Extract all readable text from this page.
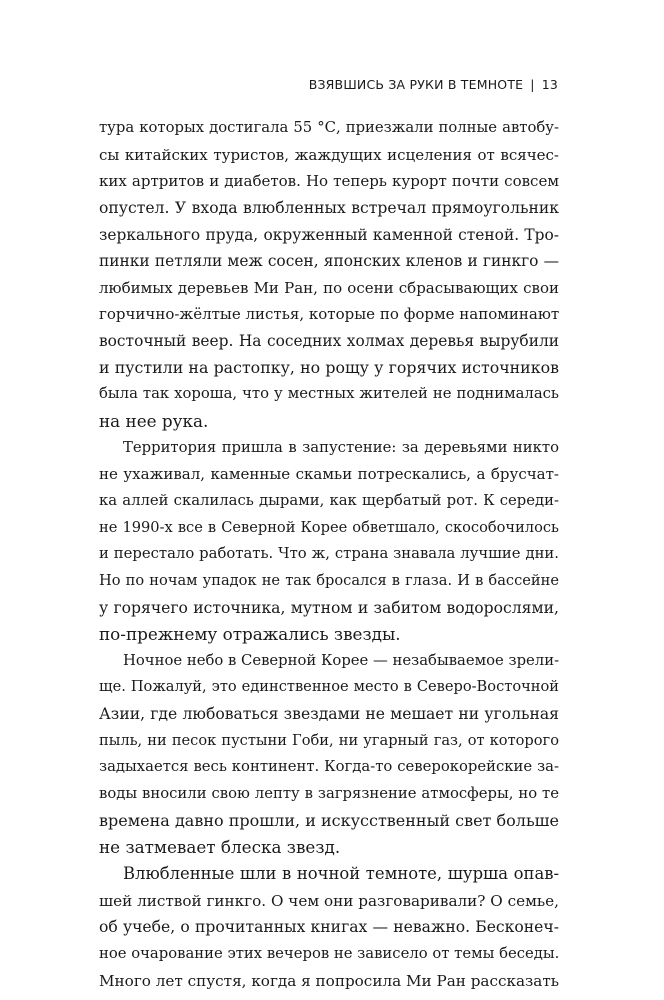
ВЗЯВШИСЬ ЗА РУКИ В ТЕМНОТЕ | 13
тура которых достигала 55 °С, приезжали полные автобу-
сы китайских туристов, жаждущих исцеления от всячес-
ких артритов и диабетов. Но теперь курорт почти совсем
опустел. У входа влюбленных встречал прямоугольник
зеркального пруда, окруженный каменной стеной. Тро-
пинки петляли меж сосен, японских кленов и гинкго —
любимых деревьев Ми Ран, по осени сбрасывающих свои
горчично-жёлтые листья, которые по форме напоминают
восточный веер. На соседних холмах деревья вырубили
и пустили на растопку, но рощу у горячих источников
была так хороша, что у местных жителей не поднималась
на нее рука.
Территория пришла в запустение: за деревьями никто
не ухаживал, каменные скамьи потрескались, а брусчат-
ка аллей скалилась дырами, как щербатый рот. К середи-
не 1990-х все в Северной Корее обветшало, скособочилось
и перестало работать. Что ж, страна знавала лучшие дни.
Но по ночам упадок не так бросался в глаза. И в бассейне
у горячего источника, мутном и забитом водорослями,
по-прежнему отражались звезды.
Ночное небо в Северной Корее — незабываемое зрели-
ще. Пожалуй, это единственное место в Северо-Восточной
Азии, где любоваться звездами не мешает ни угольная
пыль, ни песок пустыни Гоби, ни угарный газ, от которого
задыхается весь континент. Когда-то северокорейские за-
воды вносили свою лепту в загрязнение атмосферы, но те
времена давно прошли, и искусственный свет больше
не затмевает блеска звезд.
Влюбленные шли в ночной темноте, шурша опав-
шей листвой гинкго. О чем они разговаривали? О семье,
об учебе, о прочитанных книгах — неважно. Бесконеч-
ное очарование этих вечеров не зависело от темы беседы.
Много лет спустя, когда я попросила Ми Ран рассказать
